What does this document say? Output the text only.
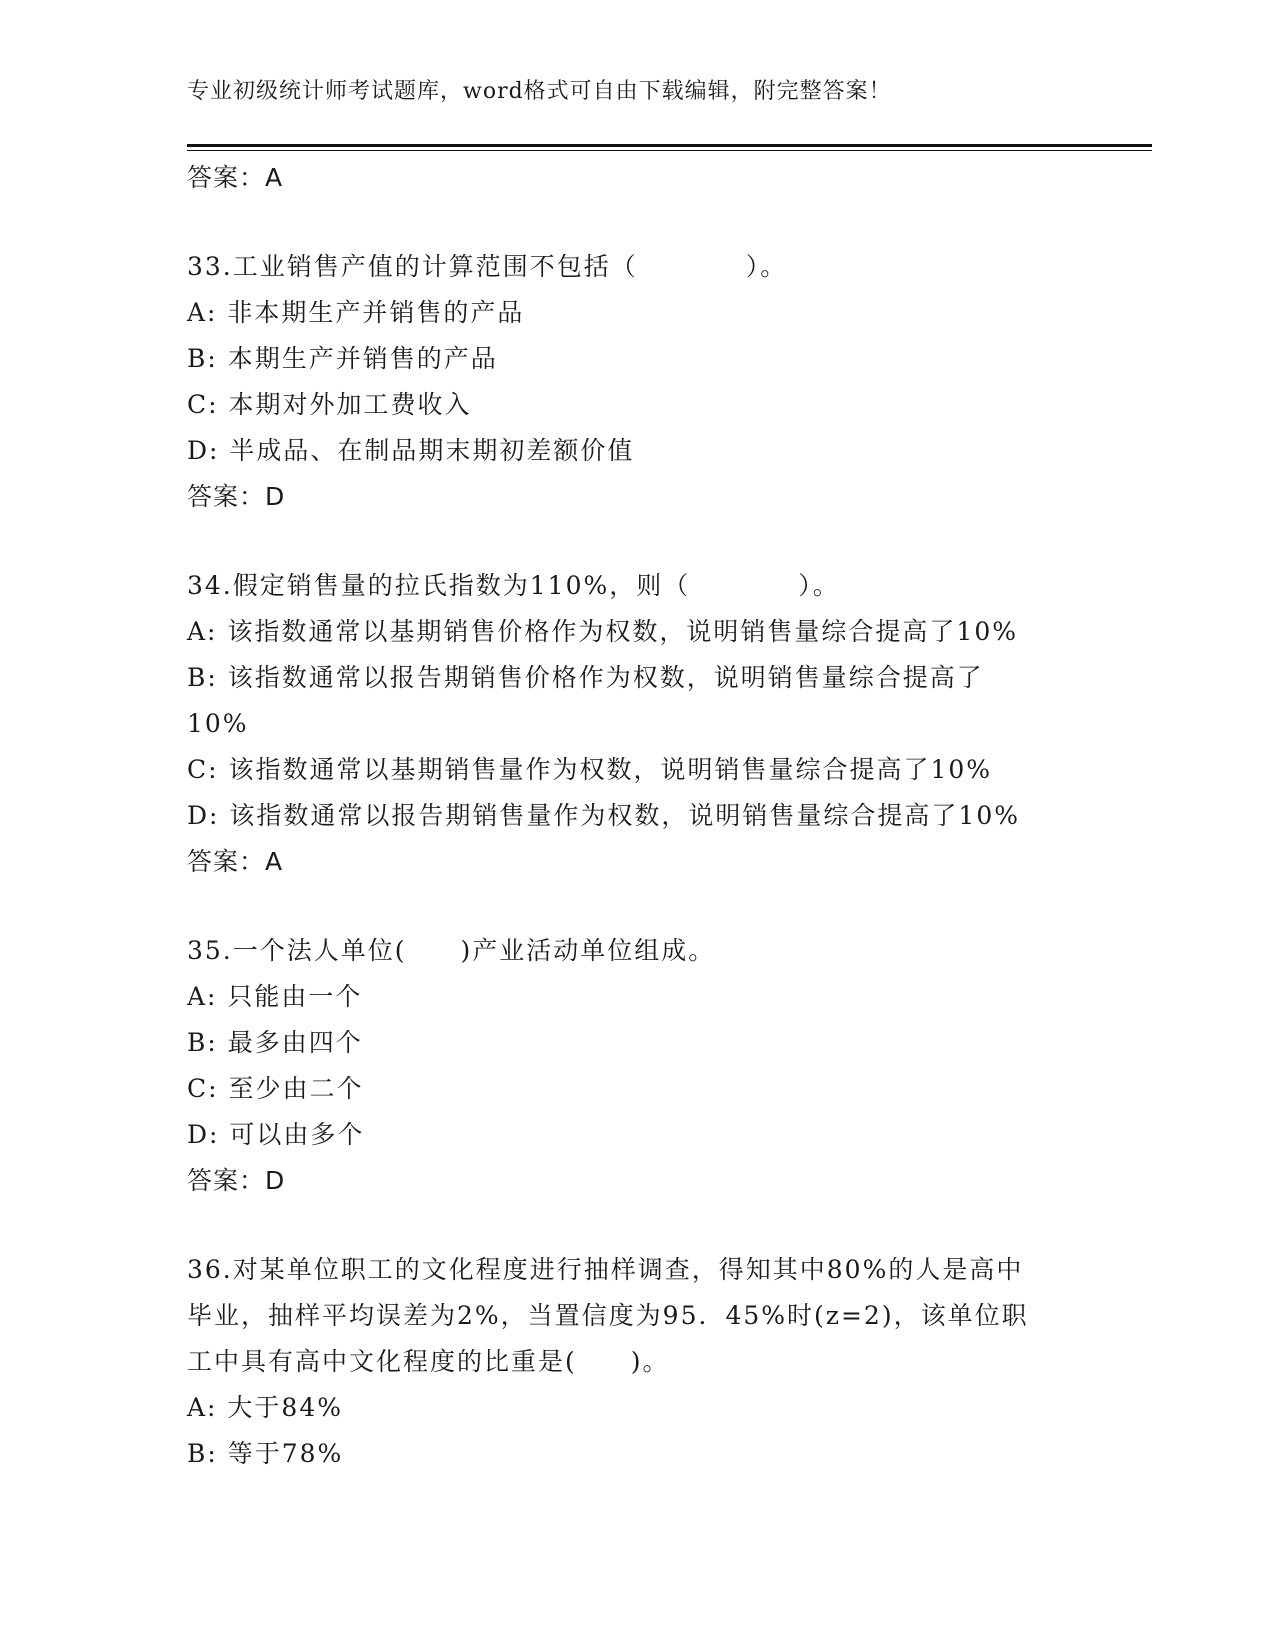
专业初级统计师考试题库，word格式可自由下载编辑，附完整答案！
答案：A
33.工业销售产值的计算范围不包括（　　　　）。
A: 非本期生产并销售的产品
B: 本期生产并销售的产品
C: 本期对外加工费收入
D: 半成品、在制品期末期初差额价值
答案：D
34.假定销售量的拉氏指数为110%，则（　　　　）。
A: 该指数通常以基期销售价格作为权数，说明销售量综合提高了10%
B: 该指数通常以报告期销售价格作为权数，说明销售量综合提高了10%
C: 该指数通常以基期销售量作为权数，说明销售量综合提高了10%
D: 该指数通常以报告期销售量作为权数，说明销售量综合提高了10%
答案：A
35.一个法人单位(　　)产业活动单位组成。
A: 只能由一个
B: 最多由四个
C: 至少由二个
D: 可以由多个
答案：D
36.对某单位职工的文化程度进行抽样调查，得知其中80%的人是高中毕业，抽样平均误差为2%，当置信度为95．45%时(z=2)，该单位职工中具有高中文化程度的比重是(　　)。
A: 大于84%
B: 等于78%
